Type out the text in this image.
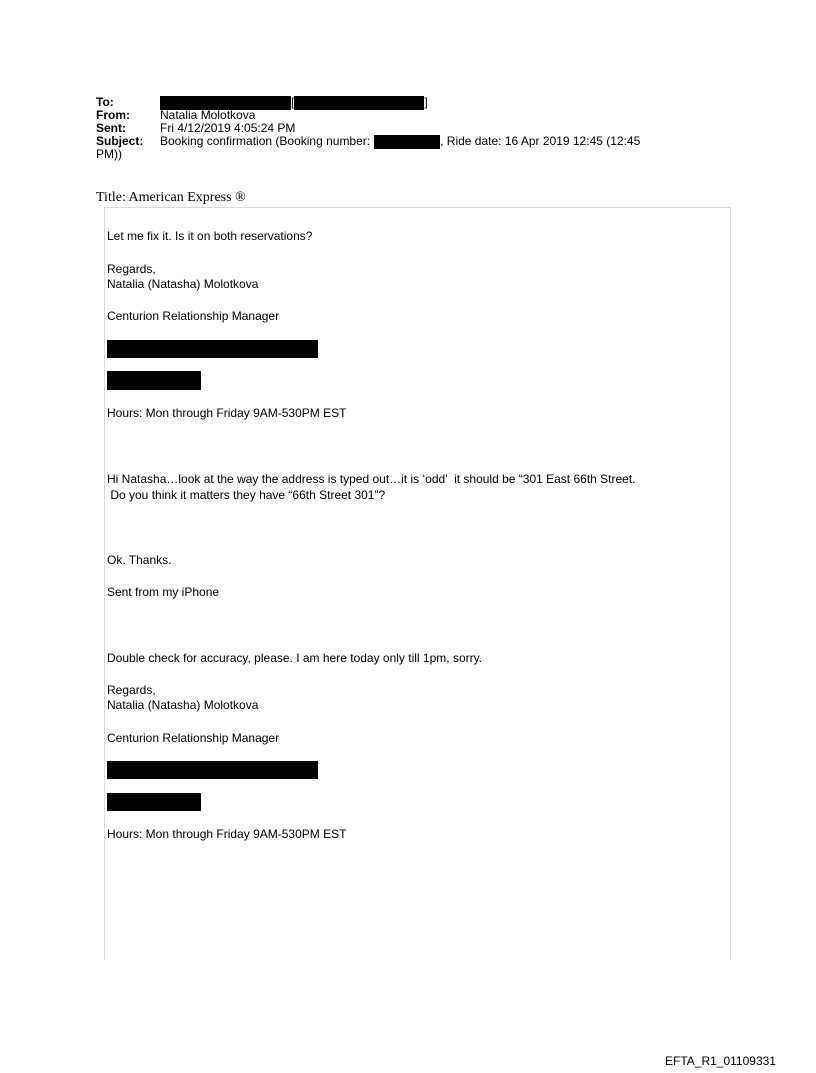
To:	[	]
From:	Natalia Molotkova
Sent:	Fri 4/12/2019 4:05:24 PM
Subject:	Booking confirmation (Booking number:	, Ride date: 16 Apr 2019 12:45 (12:45
PM))
Title: American Express ®
Let me fix it. Is it on both reservations?
Regards,
Natalia (Natasha) Molotkova
Centurion Relationship Manager
Hours: Mon through Friday 9AM-530PM EST
Hi Natasha…look at the way the address is typed out…it is ‘odd’  it should be “301 East 66th Street.
Do you think it matters they have “66th Street 301”?
Ok. Thanks.
Sent from my iPhone
Double check for accuracy, please. I am here today only till 1pm, sorry.
Regards,
Natalia (Natasha) Molotkova
Centurion Relationship Manager
Hours: Mon through Friday 9AM-530PM EST
EFTA_R1_01109331
